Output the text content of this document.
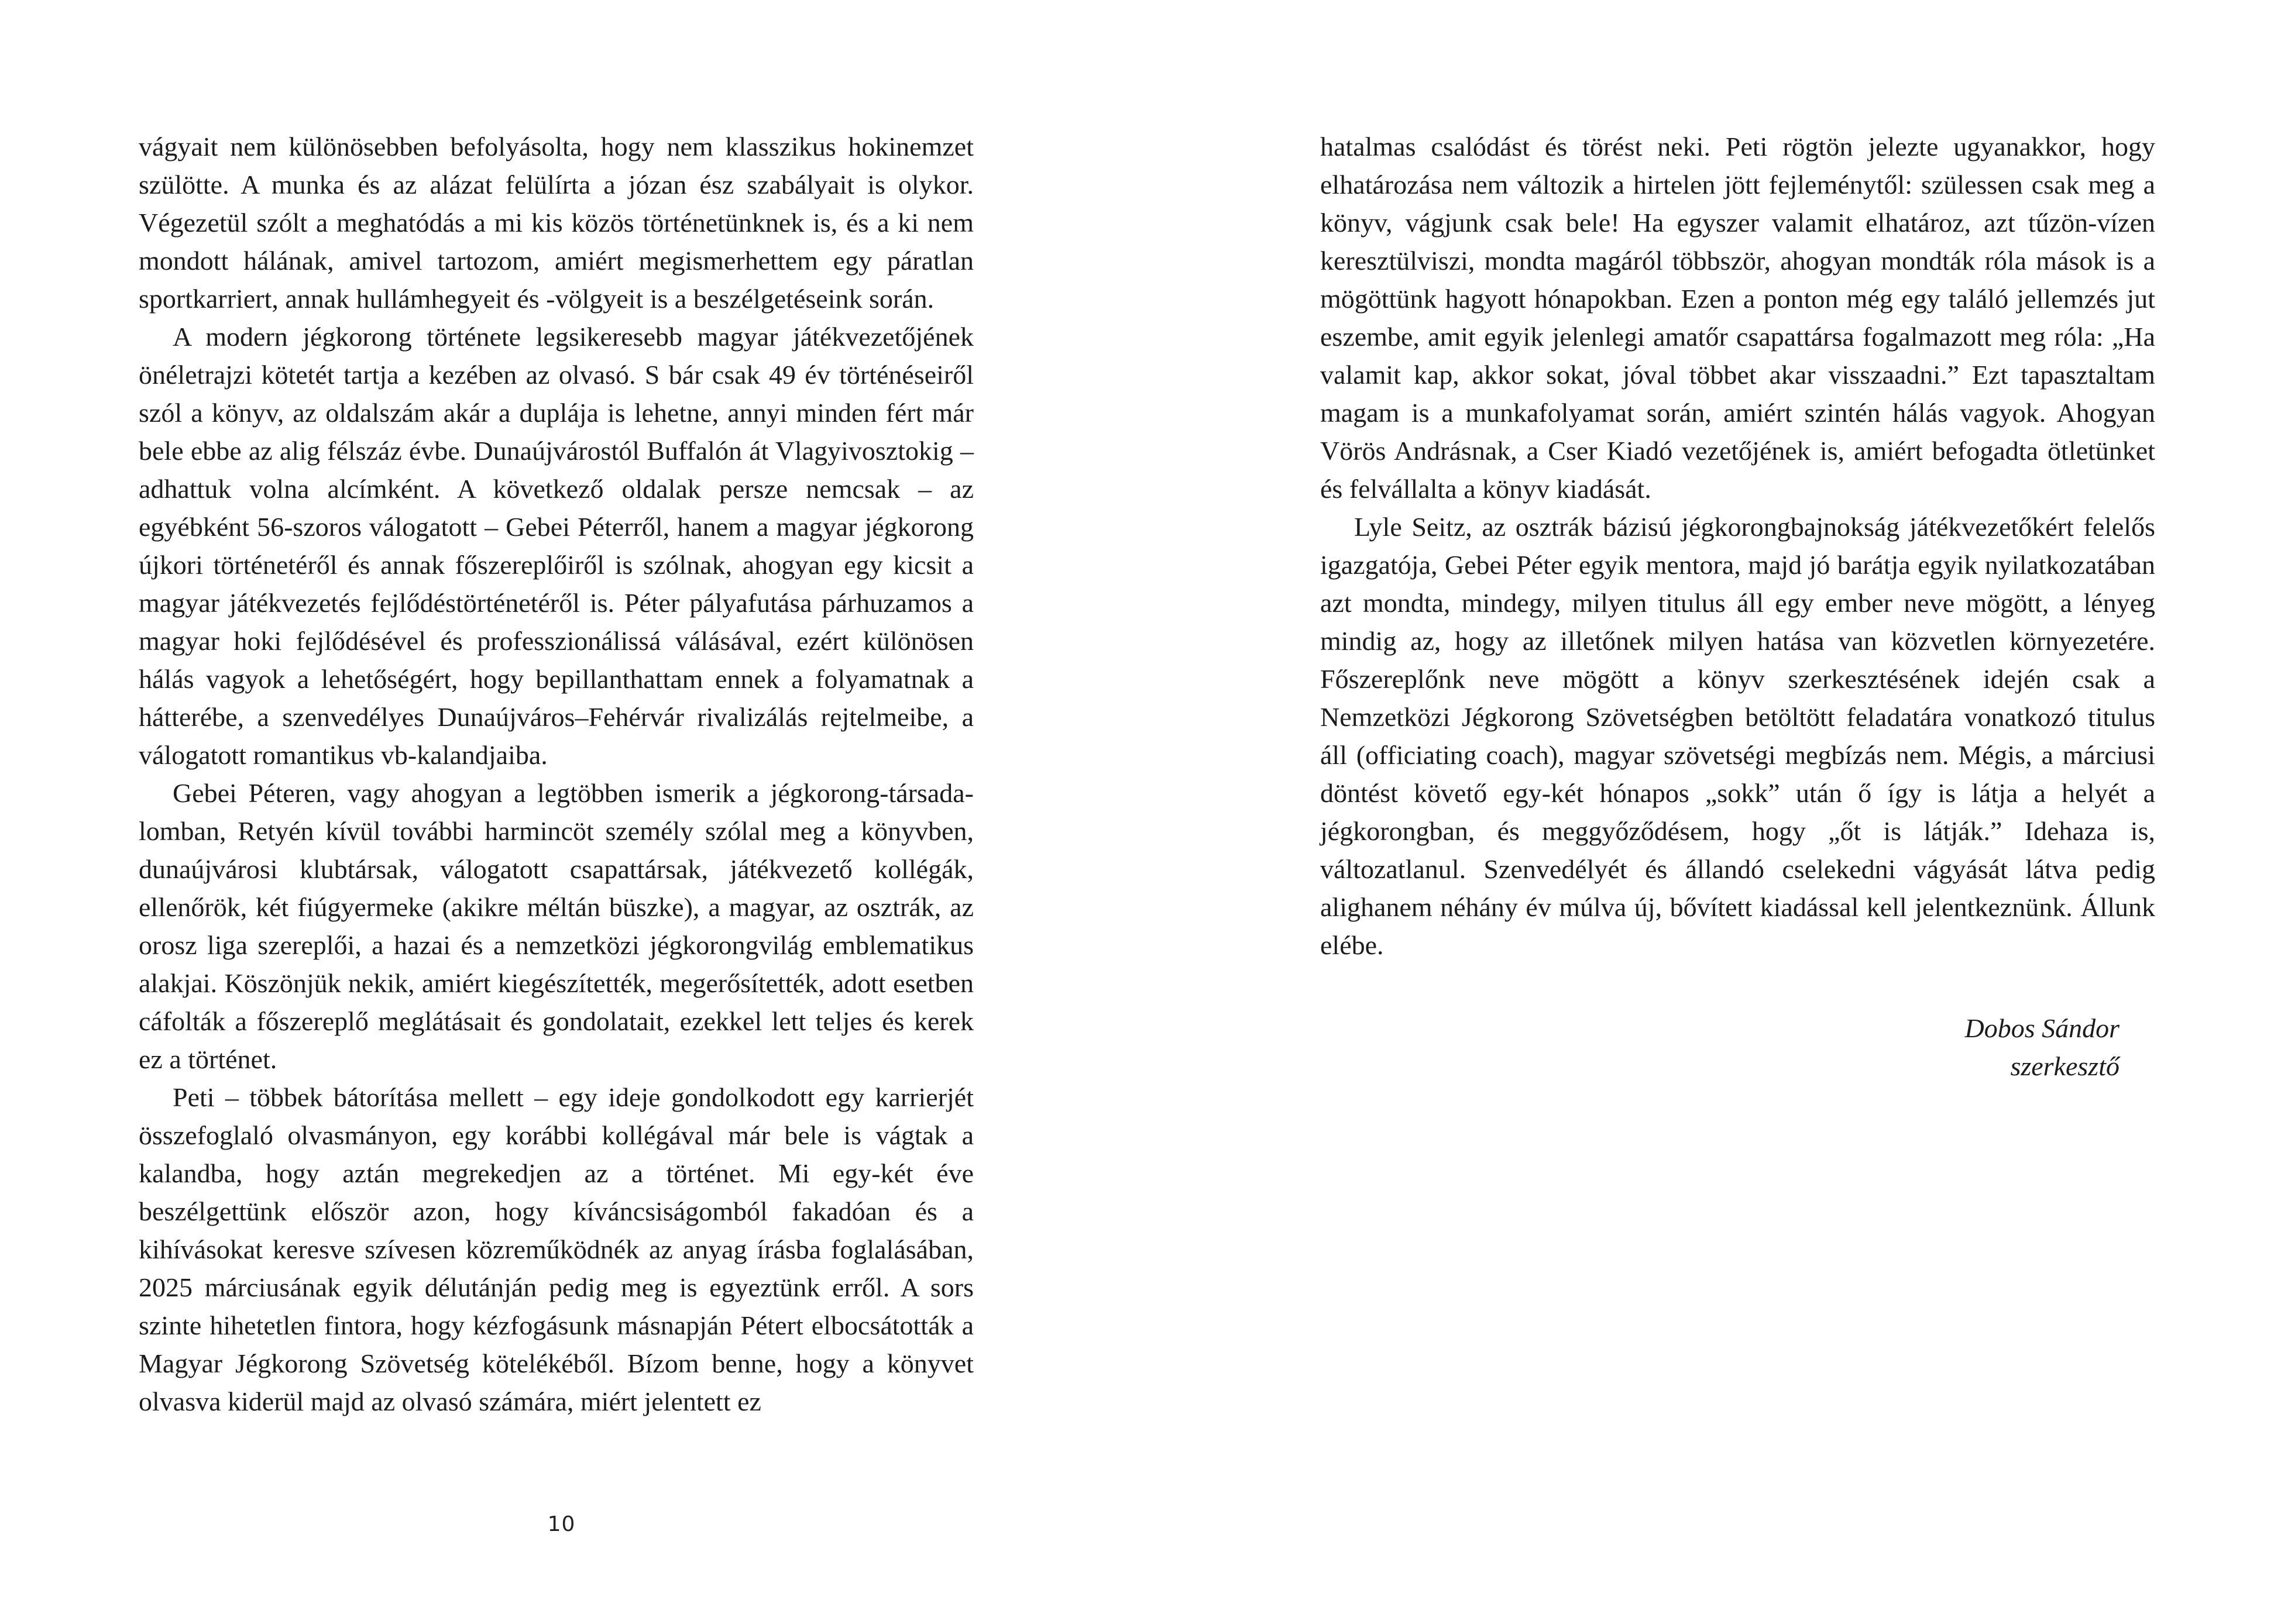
vágyait nem különösebben befolyásolta, hogy nem klasszikus hokinemzet szülötte. A munka és az alázat felülírta a józan ész szabályait is olykor. Végezetül szólt a meghatódás a mi kis közös történetünknek is, és a ki nem mondott hálának, amivel tartozom, amiért megismerhettem egy páratlan sportkarriert, annak hullámhegyeit és -völgyeit is a beszélgetéseink során.

A modern jégkorong története legsikeresebb magyar játékvezetőjének önéletrajzi kötetét tartja a kezében az olvasó. S bár csak 49 év történéseiről szól a könyv, az oldalszám akár a duplája is lehetne, annyi minden fért már bele ebbe az alig félszáz évbe. Dunaújvárostól Buffalón át Vlagyivosztokig – adhattuk volna alcímként. A következő oldalak persze nemcsak – az egyébként 56-szoros válogatott – Gebei Péterről, hanem a magyar jégkorong újkori történetéről és annak főszereplőiről is szólnak, ahogyan egy kicsit a magyar játékvezetés fejlődéstörténetéről is. Péter pályafutása párhuzamos a magyar hoki fejlődésével és professzionálissá válásával, ezért különösen hálás vagyok a lehetőségért, hogy bepillanthattam ennek a folyamatnak a hátterébe, a szenvedélyes Dunaújváros–Fehérvár rivalizálás rejtelmeibe, a válogatott romantikus vb-kalandjaiba.

Gebei Péteren, vagy ahogyan a legtöbben ismerik a jégkorong-társadalomban, Retyén kívül további harmincöt személy szólal meg a könyvben, dunaújvárosi klubtársak, válogatott csapattársak, játékvezető kollégák, ellenőrök, két fiúgyermeke (akikre méltán büszke), a magyar, az osztrák, az orosz liga szereplői, a hazai és a nemzetközi jégkorongvilág emblematikus alakjai. Köszönjük nekik, amiért kiegészítették, megerősítették, adott esetben cáfolták a főszereplő meglátásait és gondolatait, ezekkel lett teljes és kerek ez a történet.

Peti – többek bátorítása mellett – egy ideje gondolkodott egy karrierjét összefoglaló olvasmányon, egy korábbi kollégával már bele is vágtak a kalandba, hogy aztán megrekedjen az a történet. Mi egy-két éve beszélgettünk először azon, hogy kíváncsiságomból fakadóan és a kihívásokat keresve szívesen közreműködnék az anyag írásba foglalásában, 2025 márciusának egyik délutánján pedig meg is egyeztünk erről. A sors szinte hihetetlen fintora, hogy kézfogásunk másnapján Pétert elbocsátották a Magyar Jégkorong Szövetség kötelékéből. Bízom benne, hogy a könyvet olvasva kiderül majd az olvasó számára, miért jelentett ez

10

hatalmas csalódást és törést neki. Peti rögtön jelezte ugyanakkor, hogy elhatározása nem változik a hirtelen jött fejleménytől: szülessen csak meg a könyv, vágjunk csak bele! Ha egyszer valamit elhatároz, azt tűzön-vízen keresztülviszi, mondta magáról többször, ahogyan mondták róla mások is a mögöttünk hagyott hónapokban. Ezen a ponton még egy találó jellemzés jut eszembe, amit egyik jelenlegi amatőr csapattársa fogalmazott meg róla: „Ha valamit kap, akkor sokat, jóval többet akar visszaadni.” Ezt tapasztaltam magam is a munkafolyamat során, amiért szintén hálás vagyok. Ahogyan Vörös Andrásnak, a Cser Kiadó vezetőjének is, amiért befogadta ötletünket és felvállalta a könyv kiadását.

Lyle Seitz, az osztrák bázisú jégkorongbajnokság játékvezetőkért felelős igazgatója, Gebei Péter egyik mentora, majd jó barátja egyik nyilatkozatában azt mondta, mindegy, milyen titulus áll egy ember neve mögött, a lényeg mindig az, hogy az illetőnek milyen hatása van közvetlen környezetére. Főszereplőnk neve mögött a könyv szerkesztésének idején csak a Nemzetközi Jégkorong Szövetségben betöltött feladatára vonatkozó titulus áll (officiating coach), magyar szövetségi megbízás nem. Mégis, a márciusi döntést követő egy-két hónapos „sokk” után ő így is látja a helyét a jégkorongban, és meggyőződésem, hogy „őt is látják.” Idehaza is, változatlanul. Szenvedélyét és állandó cselekedni vágyását látva pedig alighanem néhány év múlva új, bővített kiadással kell jelentkeznünk. Állunk elébe.

Dobos Sándor
szerkesztő
